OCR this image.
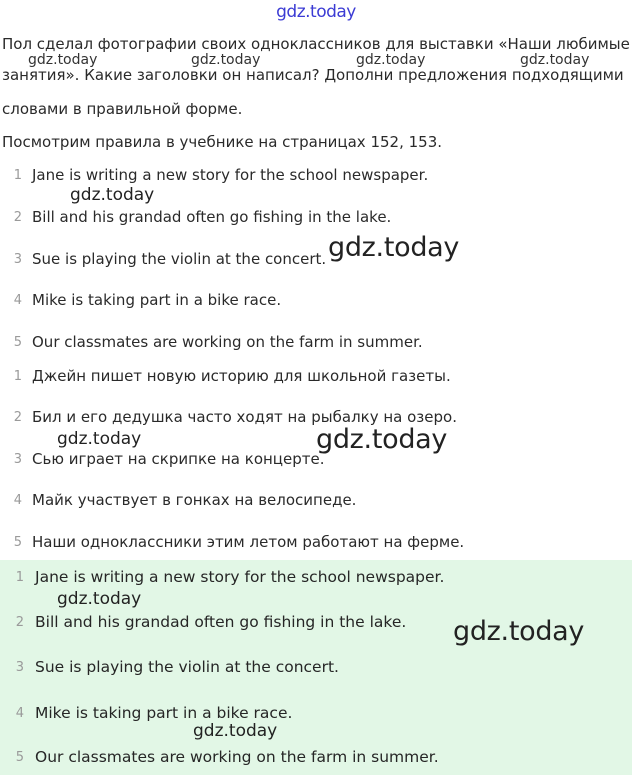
gdz.today
Пол сделал фотографии своих одноклассников для выставки «Наши любимые
занятия». Какие заголовки он написал? Дополни предложения подходящими
словами в правильной форме.
Посмотрим правила в учебнике на страницах 152, 153.
gdz.today	gdz.today	gdz.today	gdz.today
1 Jane is writing a new story for the school newspaper.
2 Bill and his grandad often go fishing in the lake.
3 Sue is playing the violin at the concert.
4 Mike is taking part in a bike race.
5 Our classmates are working on the farm in summer.
1 Джейн пишет новую историю для школьной газеты.
2 Бил и его дедушка часто ходят на рыбалку на озеро.
3 Сью играет на скрипке на концерте.
4 Майк участвует в гонках на велосипеде.
5 Наши одноклассники этим летом работают на ферме.
1 Jane is writing a new story for the school newspaper.
2 Bill and his grandad often go fishing in the lake.
3 Sue is playing the violin at the concert.
4 Mike is taking part in a bike race.
5 Our classmates are working on the farm in summer.
gdz.today
gdz.today
gdz.today	gdz.today
gdz.today
gdz.today
gdz.today
